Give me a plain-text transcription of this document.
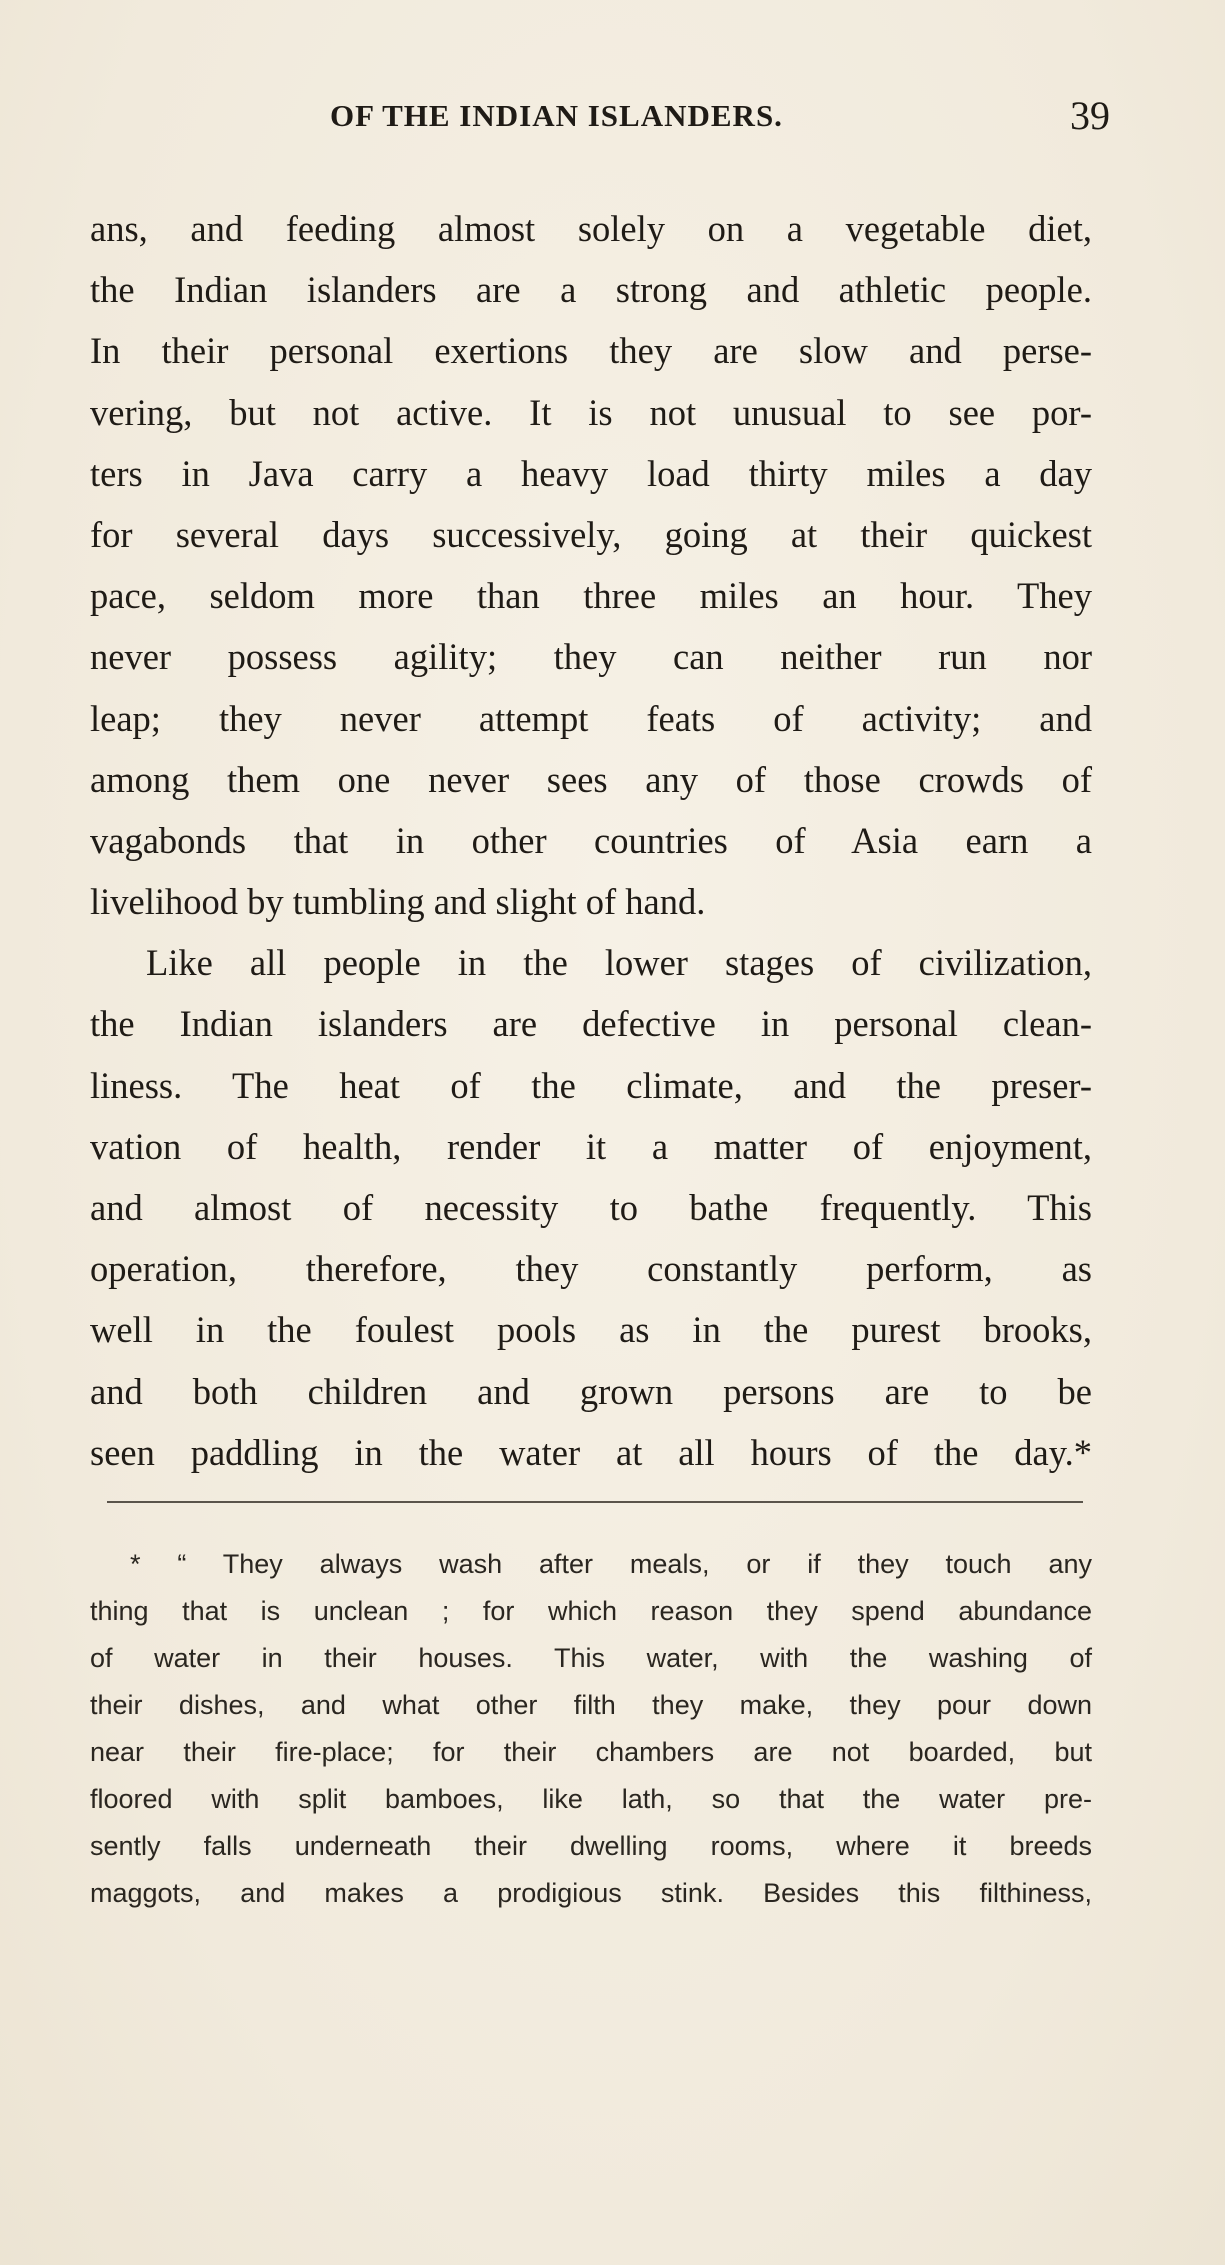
OF THE INDIAN ISLANDERS.	39
ans, and feeding almost solely on a vegetable diet,
the Indian islanders are a strong and athletic people.
In their personal exertions they are slow and perse-
vering, but not active. It is not unusual to see por-
ters in Java carry a heavy load thirty miles a day
for several days successively, going at their quickest
pace, seldom more than three miles an hour. They
never possess agility; they can neither run nor
leap; they never attempt feats of activity; and
among them one never sees any of those crowds of
vagabonds that in other countries of Asia earn a
livelihood by tumbling and slight of hand.
Like all people in the lower stages of civilization,
the Indian islanders are defective in personal clean-
liness. The heat of the climate, and the preser-
vation of health, render it a matter of enjoyment,
and almost of necessity to bathe frequently. This
operation, therefore, they constantly perform, as
well in the foulest pools as in the purest brooks,
and both children and grown persons are to be
seen paddling in the water at all hours of the day.*
* “ They always wash after meals, or if they touch any
thing that is unclean ; for which reason they spend abundance
of water in their houses. This water, with the washing of
their dishes, and what other filth they make, they pour down
near their fire-place; for their chambers are not boarded, but
floored with split bamboes, like lath, so that the water pre-
sently falls underneath their dwelling rooms, where it breeds
maggots, and makes a prodigious stink. Besides this filthiness,
